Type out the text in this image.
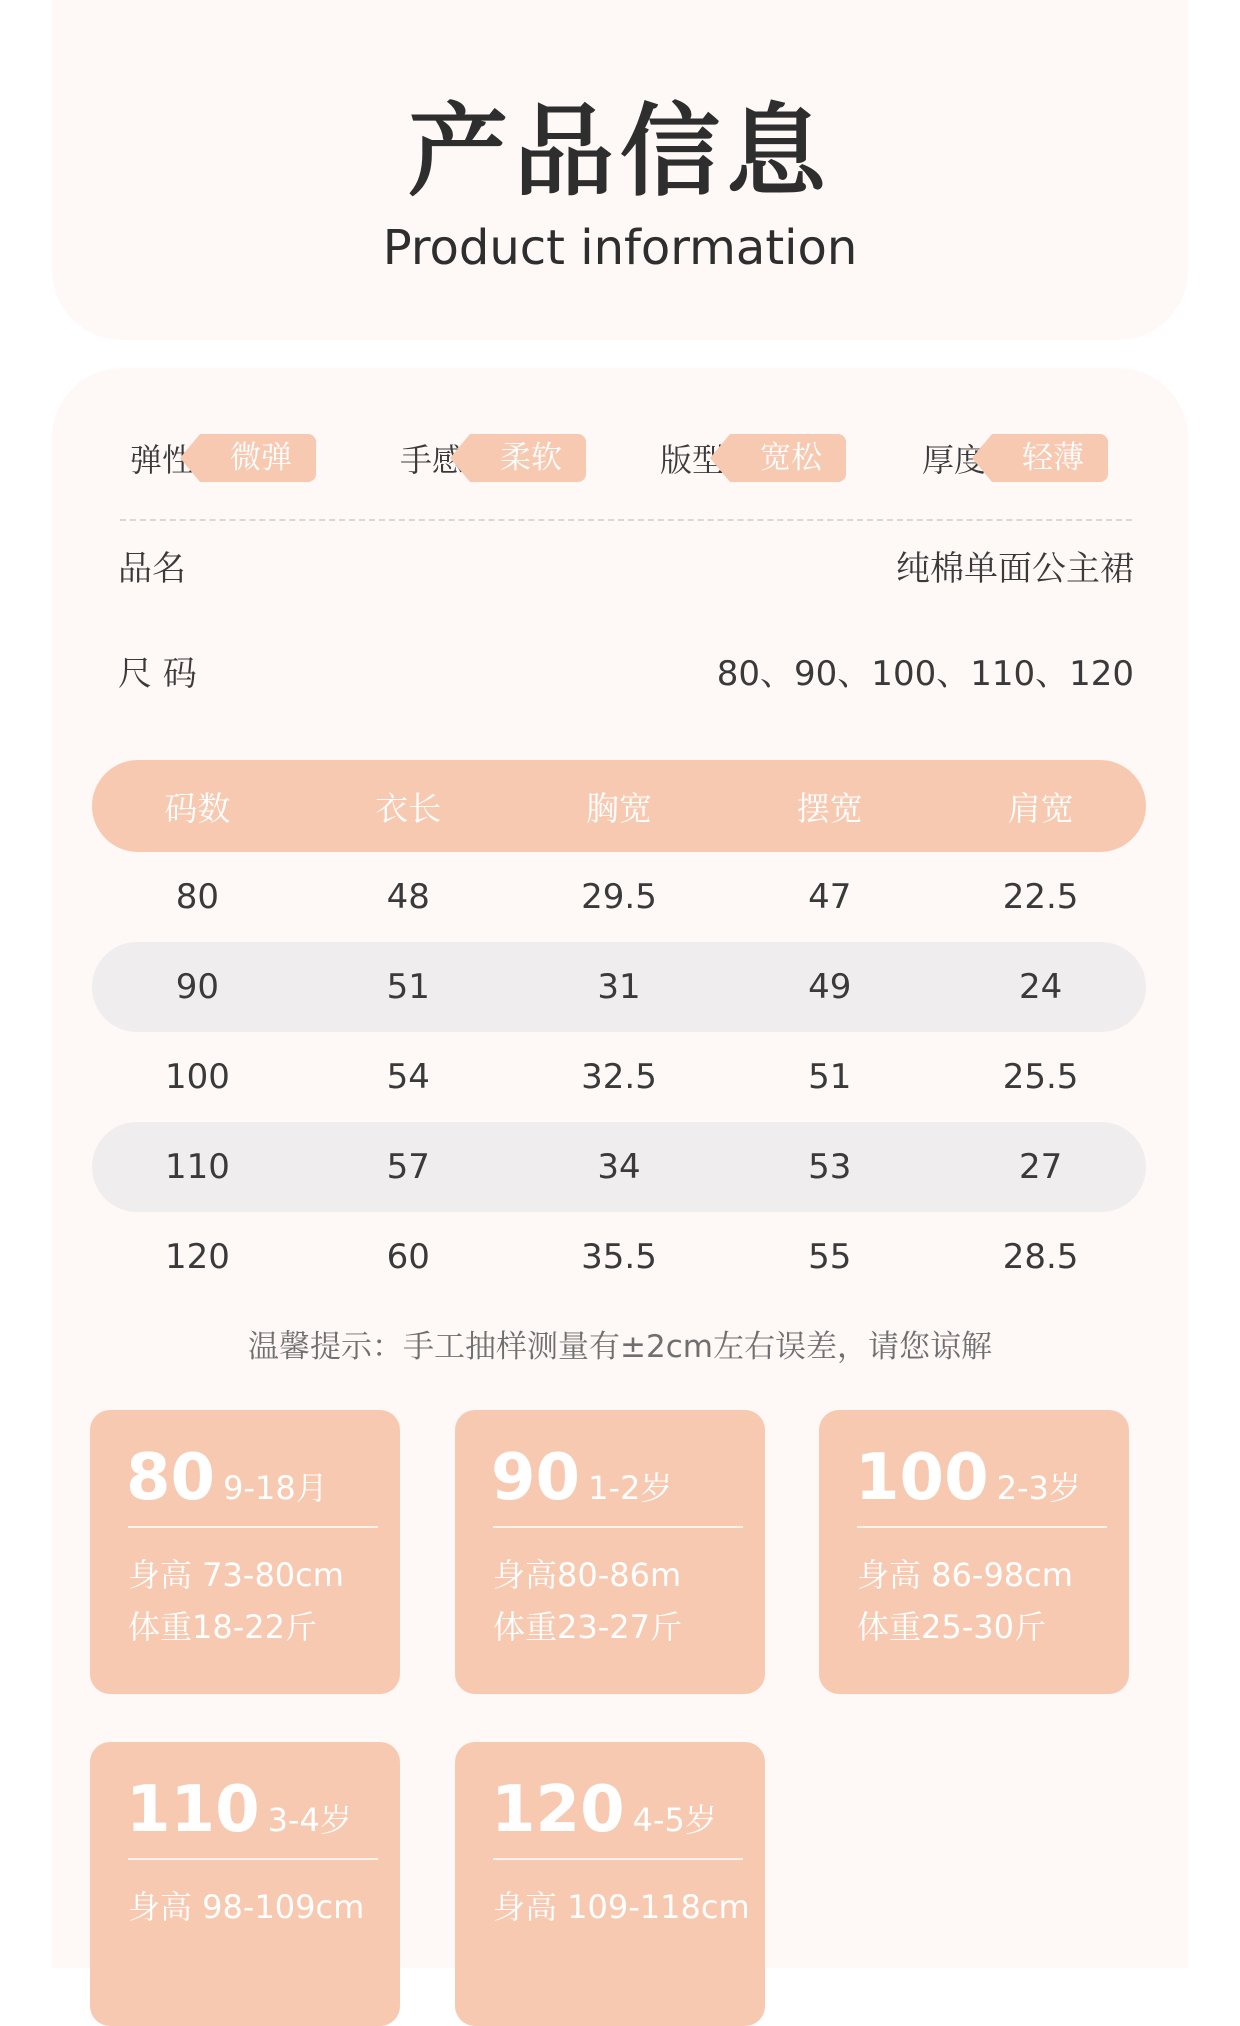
产品信息
Product information
弹性	微弹	手感	柔软	版型	宽松	厚度	轻薄
品名	纯棉单面公主裙
尺 码	80、90、100、110、120
码数	衣长	胸宽	摆宽	肩宽
80	48	29.5	47	22.5
90	51	31	49	24
100	54	32.5	51	25.5
110	57	34	53	27
120	60	35.5	55	28.5
温馨提示：手工抽样测量有±2cm左右误差，请您谅解
80 9-18月
身高 73-80cm
体重18-22斤
90 1-2岁
身高80-86m
体重23-27斤
100 2-3岁
身高 86-98cm
体重25-30斤
110 3-4岁
身高 98-109cm
120 4-5岁
身高 109-118cm
